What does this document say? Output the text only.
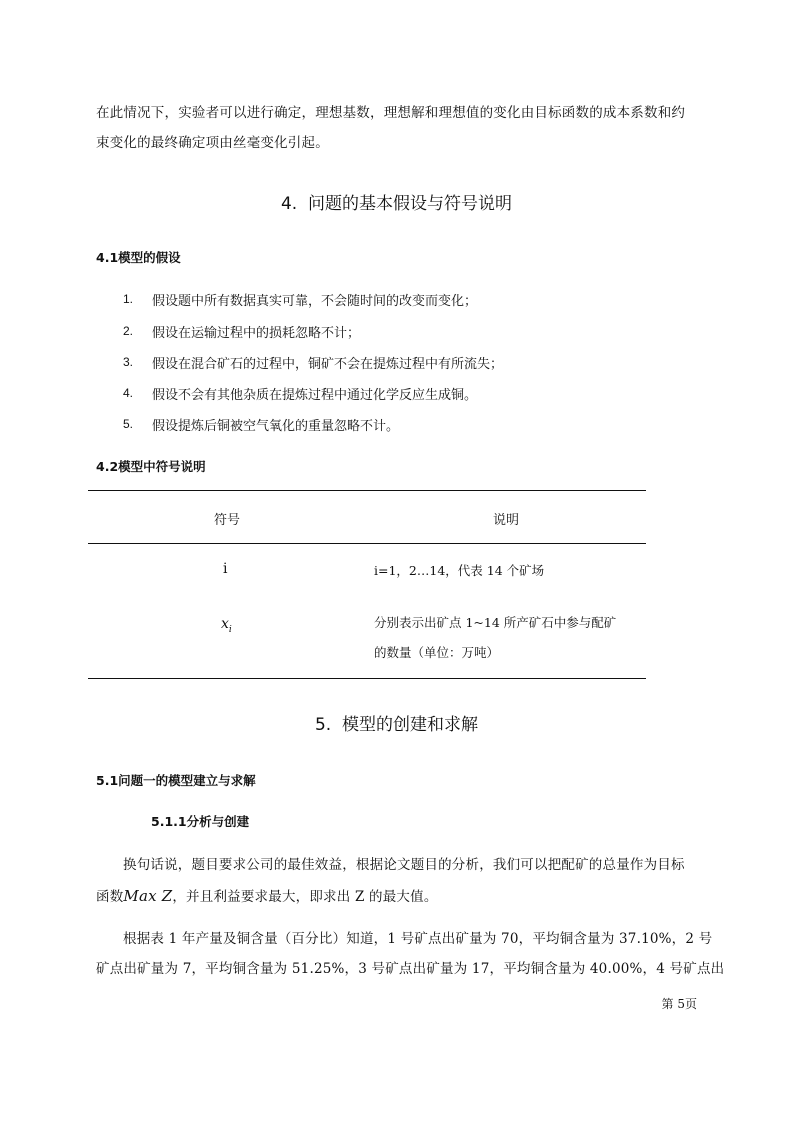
在此情况下，实验者可以进行确定，理想基数，理想解和理想值的变化由目标函数的成本系数和约

束变化的最终确定项由丝毫变化引起。

4. 问题的基本假设与符号说明

4.1模型的假设

1. 假设题中所有数据真实可靠，不会随时间的改变而变化；
2. 假设在运输过程中的损耗忽略不计；
3. 假设在混合矿石的过程中，铜矿不会在提炼过程中有所流失；
4. 假设不会有其他杂质在提炼过程中通过化学反应生成铜。
5. 假设提炼后铜被空气氧化的重量忽略不计。

4.2模型中符号说明

符号	说明
i	i=1，2…14，代表 14 个矿场
$x_i$	分别表示出矿点 1~14 所产矿石中参与配矿
的数量（单位：万吨）
5. 模型的创建和求解

5.1问题一的模型建立与求解

5.1.1分析与创建

换句话说，题目要求公司的最佳效益，根据论文题目的分析，我们可以把配矿的总量作为目标

函数Max Z，并且利益要求最大，即求出 Z 的最大值。

根据表 1 年产量及铜含量（百分比）知道，1 号矿点出矿量为 70，平均铜含量为 37.10%，2 号

矿点出矿量为 7，平均铜含量为 51.25%，3 号矿点出矿量为 17，平均铜含量为 40.00%，4 号矿点出

第 5页
